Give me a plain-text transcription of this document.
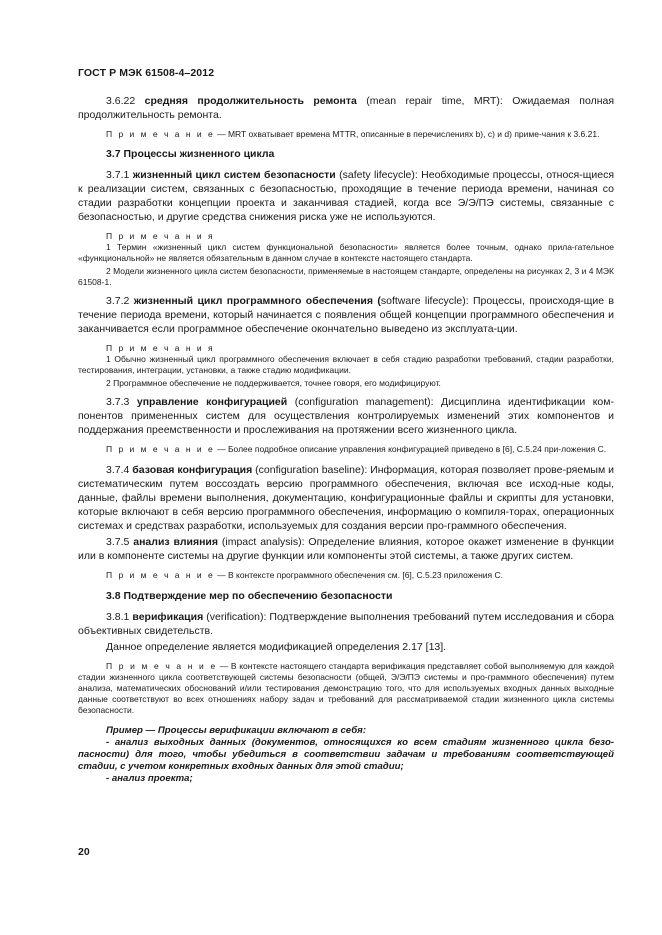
ГОСТ Р МЭК 61508-4–2012

3.6.22 средняя продолжительность ремонта (mean repair time, MRT): Ожидаемая полная продолжительность ремонта.

П р и м е ч а н и е — MRT охватывает времена MTTR, описанные в перечислениях b), c) и d) приме-чания к 3.6.21.

3.7 Процессы жизненного цикла

3.7.1 жизненный цикл систем безопасности (safety lifecycle): Необходимые процессы, относя-щиеся к реализации систем, связанных с безопасностью, проходящие в течение периода времени, начиная со стадии разработки концепции проекта и заканчивая стадией, когда все Э/Э/ПЭ системы, связанные с безопасностью, и другие средства снижения риска уже не используются.

П р и м е ч а н и я

1 Термин «жизненный цикл систем функциональной безопасности» является более точным, однако прила-гательное «функциональной» не является обязательным в данном случае в контексте настоящего стандарта.

2 Модели жизненного цикла систем безопасности, применяемые в настоящем стандарте, определены на рисунках 2, 3 и 4 МЭК 61508-1.

3.7.2 жизненный цикл программного обеспечения (software lifecycle): Процессы, происходя-щие в течение периода времени, который начинается с появления общей концепции программного обеспечения и заканчивается если программное обеспечение окончательно выведено из эксплуата-ции.

П р и м е ч а н и я

1 Обычно жизненный цикл программного обеспечения включает в себя стадию разработки требований, стадии разработки, тестирования, интеграции, установки, а также стадию модификации.

2 Программное обеспечение не поддерживается, точнее говоря, его модифицируют.

3.7.3 управление конфигурацией (configuration management): Дисциплина идентификации ком-понентов примененных систем для осуществления контролируемых изменений этих компонентов и поддержания преемственности и прослеживания на протяжении всего жизненного цикла.

П р и м е ч а н и е — Более подробное описание управления конфигурацией приведено в [6], С.5.24 при-ложения С.

3.7.4 базовая конфигурация (configuration baseline): Информация, которая позволяет прове-ряемым и систематическим путем воссоздать версию программного обеспечения, включая все исход-ные коды, данные, файлы времени выполнения, документацию, конфигурационные файлы и скрипты для установки, которые включают в себя версию программного обеспечения, информацию о компиля-торах, операционных системах и средствах разработки, используемых для создания версии про-граммного обеспечения.

3.7.5 анализ влияния (impact analysis): Определение влияния, которое окажет изменение в функции или в компоненте системы на другие функции или компоненты этой системы, а также других систем.

П р и м е ч а н и е — В контексте программного обеспечения см. [6], С.5.23 приложения С.

3.8 Подтверждение мер по обеспечению безопасности

3.8.1 верификация (verification): Подтверждение выполнения требований путем исследования и сбора объективных свидетельств.

Данное определение является модификацией определения 2.17 [13].

П р и м е ч а н и е — В контексте настоящего стандарта верификация представляет собой выполняемую для каждой стадии жизненного цикла соответствующей системы безопасности (общей, Э/Э/ПЭ системы и про-граммного обеспечения) путем анализа, математических обоснований и/или тестирования демонстрацию того, что для используемых входных данных выходные данные соответствуют во всех отношениях набору задач и требований для рассматриваемой стадии жизненного цикла системы безопасности.

Пример — Процессы верификации включают в себя:

- анализ выходных данных (документов, относящихся ко всем стадиям жизненного цикла безо-пасности) для того, чтобы убедиться в соответствии задачам и требованиям соответствующей стадии, с учетом конкретных входных данных для этой стадии;

- анализ проекта;

20
